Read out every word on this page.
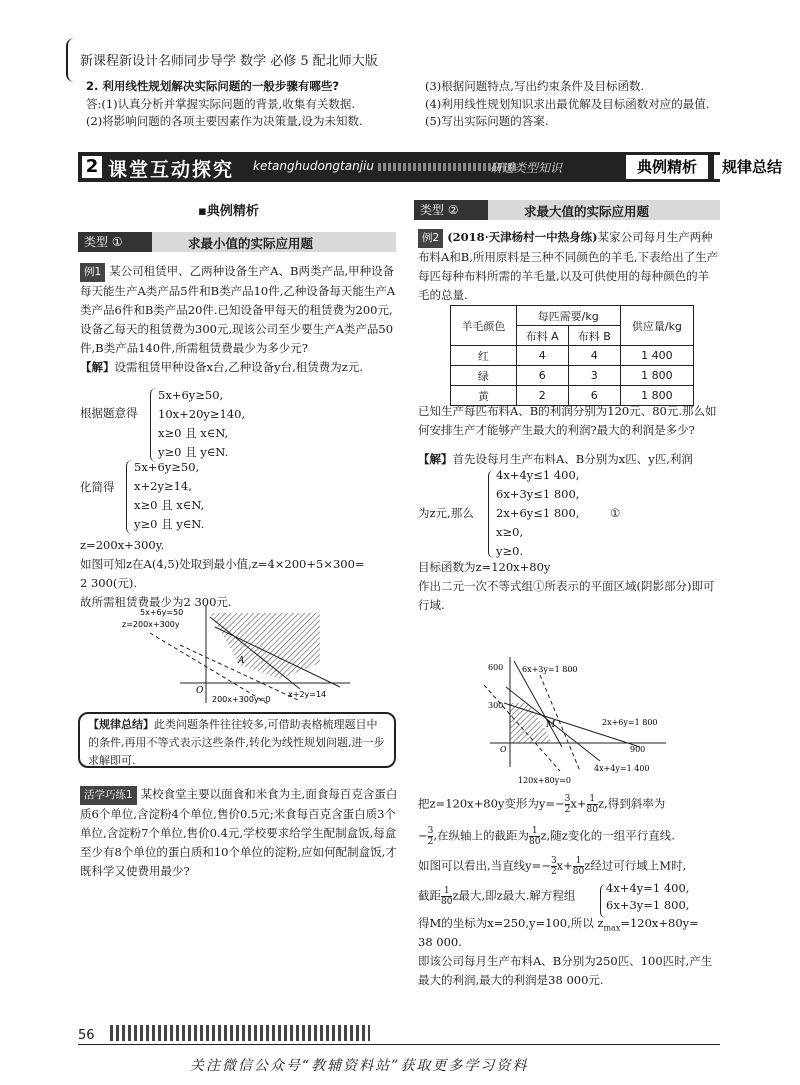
新课程新设计名师同步导学 数学 必修 5 配北师大版
2. 利用线性规划解决实际问题的一般步骤有哪些?
答:(1)认真分析并掌握实际问题的背景,收集有关数据.
(2)将影响问题的各项主要因素作为决策量,设为未知数.
(3)根据问题特点,写出约束条件及目标函数.
(4)利用线性规划知识求出最优解及目标函数对应的最值.
(5)写出实际问题的答案.
2 课堂互动探究 ketanghudongtanjiu	研透类型知识	典例精析	规律总结
▪典例精析
类型 ①	求最小值的实际应用题
例1 某公司租赁甲、乙两种设备生产A、B两类产品,甲种设备每天能生产A类产品5件和B类产品10件,乙种设备每天能生产A类产品6件和B类产品20件.已知设备甲每天的租赁费为200元,设备乙每天的租赁费为300元,现该公司至少要生产A类产品50件,B类产品140件,所需租赁费最少为多少元?
【解】设需租赁甲种设备x台,乙种设备y台,租赁费为z元.
根据题意得
5x+6y≥50,
10x+20y≥140,
x≥0 且 x∈N,
y≥0 且 y∈N.
化简得
5x+6y≥50,
x+2y≥14,
x≥0 且 x∈N,
y≥0 且 y∈N.
z=200x+300y.
如图可知z在A(4,5)处取到最小值,z=4×200+5×300=
2 300(元).
故所需租赁费最少为2 300元.
5x+6y=50
z=200x+300y
A
O
200x+300y=0
x+2y=14
【规律总结】此类问题条件往往较多,可借助表格梳理题目中的条件,再用不等式表示这些条件,转化为线性规划问题,进一步求解即可.
活学巧练1 某校食堂主要以面食和米食为主,面食每百克含蛋白质6个单位,含淀粉4个单位,售价0.5元;米食每百克含蛋白质3个单位,含淀粉7个单位,售价0.4元,学校要求给学生配制盒饭,每盒至少有8个单位的蛋白质和10个单位的淀粉,应如何配制盒饭,才既科学又使费用最少?
类型 ②	求最大值的实际应用题
例2 (2018·天津杨村一中热身练)某家公司每月生产两种布料A和B,所用原料是三种不同颜色的羊毛,下表给出了生产每匹每种布料所需的羊毛量,以及可供使用的每种颜色的羊毛的总量.
羊毛颜色	每匹需要/kg		供应量/kg
	布料 A	布料 B	
红	4	4	1 400
绿	6	3	1 800
黄	2	6	1 800
已知生产每匹布料A、B的利润分别为120元、80元.那么如何安排生产才能够产生最大的利润?最大的利润是多少?
【解】首先设每月生产布料A、B分别为x匹、y匹,利润
为z元,那么
4x+4y≤1 400,
6x+3y≤1 800,
2x+6y≤1 800,
x≥0,
y≥0.
①
目标函数为z=120x+80y
作出二元一次不等式组①所表示的平面区域(阴影部分)即可行域.
600 6x+3y=1 800
300
M	2x+6y=1 800
O	900
4x+4y=1 400
120x+80y=0
把z=120x+80y变形为$y=- \frac{3}{2} x+ \frac{1}{80} z$,得到斜率为
− $\frac{3}{2}$ ,在纵轴上的截距为 $\frac{1}{80} z$,随z变化的一组平行直线.
如图可以看出,当直线$y=- \frac{3}{2} x+ \frac{1}{80}$ z经过可行域上M时,
截距 $\frac{1}{80}$ z最大,即z最大.解方程组
4x+4y=1 400,
6x+3y=1 800,
得M的坐标为x=250,y=100,所以 $z_{max}=120x+80y=$
38 000.
即该公司每月生产布料A、B分别为250匹、100匹时,产生最大的利润,最大的利润是38 000元.
56
关注微信公众号“教辅资料站”获取更多学习资料
